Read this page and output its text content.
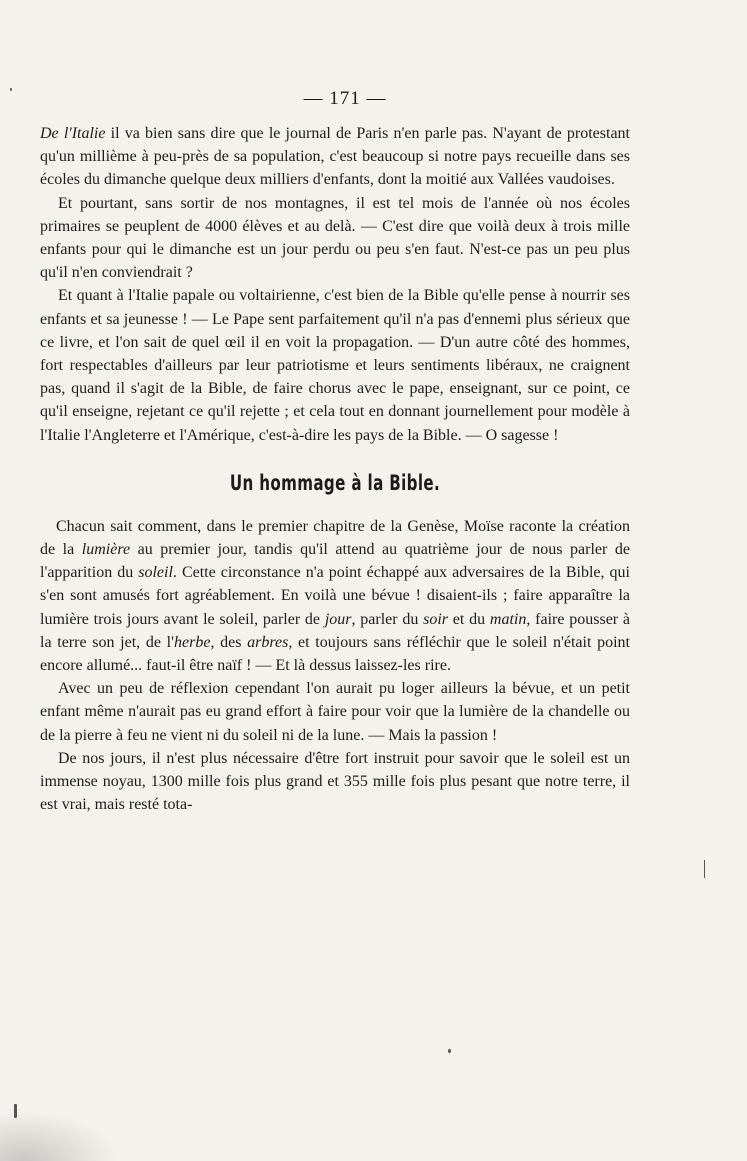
— 171 —

De l'Italie il va bien sans dire que le journal de Paris n'en parle pas. N'ayant de protestant qu'un millième à peu-près de sa population, c'est beaucoup si notre pays recueille dans ses écoles du dimanche quelque deux milliers d'enfants, dont la moitié aux Vallées vaudoises.

Et pourtant, sans sortir de nos montagnes, il est tel mois de l'année où nos écoles primaires se peuplent de 4000 élèves et au delà. — C'est dire que voilà deux à trois mille enfants pour qui le dimanche est un jour perdu ou peu s'en faut. N'est-ce pas un peu plus qu'il n'en conviendrait ?

Et quant à l'Italie papale ou voltairienne, c'est bien de la Bible qu'elle pense à nourrir ses enfants et sa jeunesse ! — Le Pape sent parfaitement qu'il n'a pas d'ennemi plus sérieux que ce livre, et l'on sait de quel œil il en voit la propagation. — D'un autre côté des hommes, fort respectables d'ailleurs par leur patriotisme et leurs sentiments libéraux, ne craignent pas, quand il s'agit de la Bible, de faire chorus avec le pape, enseignant, sur ce point, ce qu'il enseigne, rejetant ce qu'il rejette ; et cela tout en donnant journellement pour modèle à l'Italie l'Angleterre et l'Amérique, c'est-à-dire les pays de la Bible. — O sagesse !

Un hommage à la Bible.

Chacun sait comment, dans le premier chapitre de la Genèse, Moïse raconte la création de la lumière au premier jour, tandis qu'il attend au quatrième jour de nous parler de l'apparition du soleil. Cette circonstance n'a point échappé aux adversaires de la Bible, qui s'en sont amusés fort agréablement. En voilà une bévue ! disaient-ils ; faire apparaître la lumière trois jours avant le soleil, parler de jour, parler du soir et du matin, faire pousser à la terre son jet, de l'herbe, des arbres, et toujours sans réfléchir que le soleil n'était point encore allumé... faut-il être naïf ! — Et là dessus laissez-les rire.

Avec un peu de réflexion cependant l'on aurait pu loger ailleurs la bévue, et un petit enfant même n'aurait pas eu grand effort à faire pour voir que la lumière de la chandelle ou de la pierre à feu ne vient ni du soleil ni de la lune. — Mais la passion !

De nos jours, il n'est plus nécessaire d'être fort instruit pour savoir que le soleil est un immense noyau, 1300 mille fois plus grand et 355 mille fois plus pesant que notre terre, il est vrai, mais resté tota-
